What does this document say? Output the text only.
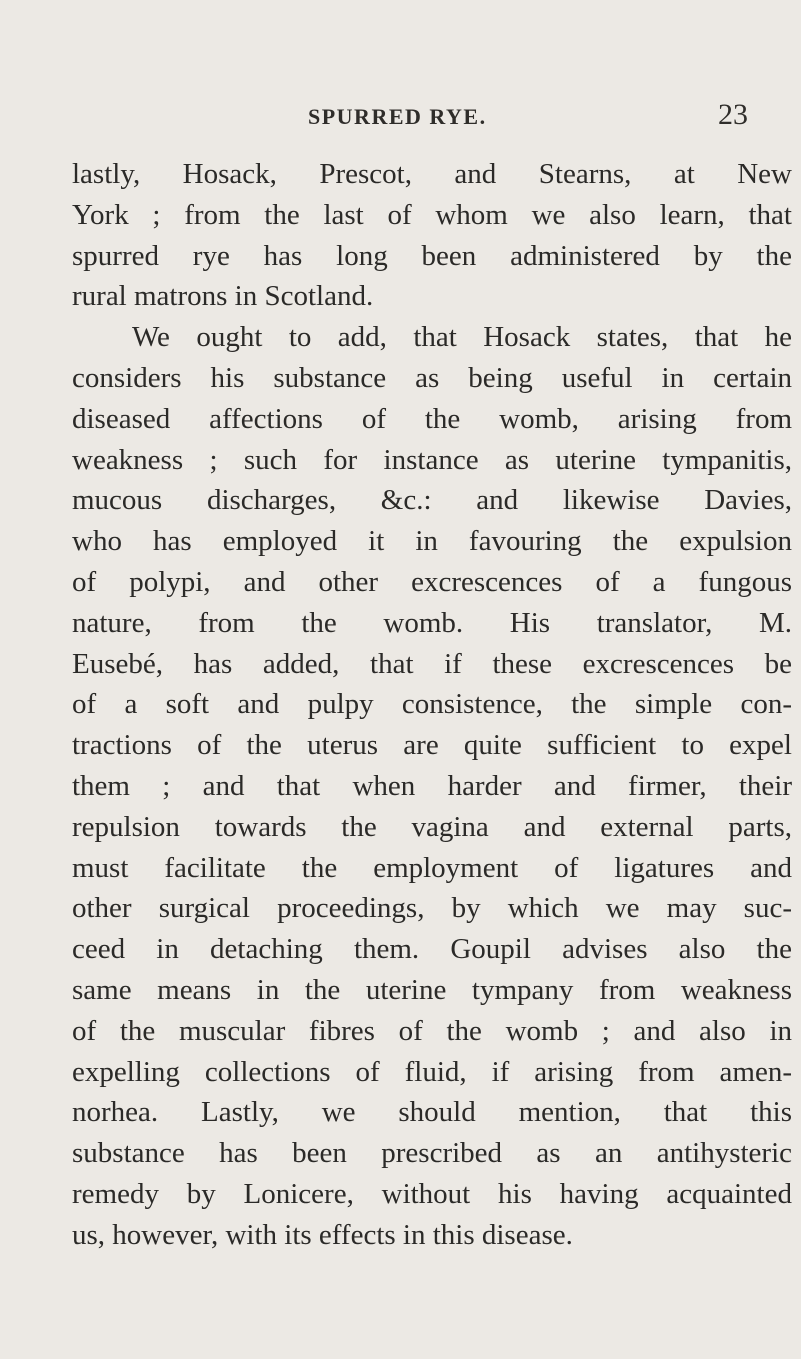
SPURRED RYE.	23
lastly, Hosack, Prescot, and Stearns, at New
York ; from the last of whom we also learn, that
spurred rye has long been administered by the
rural matrons in Scotland.
We ought to add, that Hosack states, that he
considers his substance as being useful in certain
diseased affections of the womb, arising from
weakness ; such for instance as uterine tympanitis,
mucous discharges, &c.: and likewise Davies,
who has employed it in favouring the expulsion
of polypi, and other excrescences of a fungous
nature, from the womb. His translator, M.
Eusebé, has added, that if these excrescences be
of a soft and pulpy consistence, the simple con-
tractions of the uterus are quite sufficient to expel
them ; and that when harder and firmer, their
repulsion towards the vagina and external parts,
must facilitate the employment of ligatures and
other surgical proceedings, by which we may suc-
ceed in detaching them. Goupil advises also the
same means in the uterine tympany from weakness
of the muscular fibres of the womb ; and also in
expelling collections of fluid, if arising from amen-
norhea. Lastly, we should mention, that this
substance has been prescribed as an antihysteric
remedy by Lonicere, without his having acquainted
us, however, with its effects in this disease.
